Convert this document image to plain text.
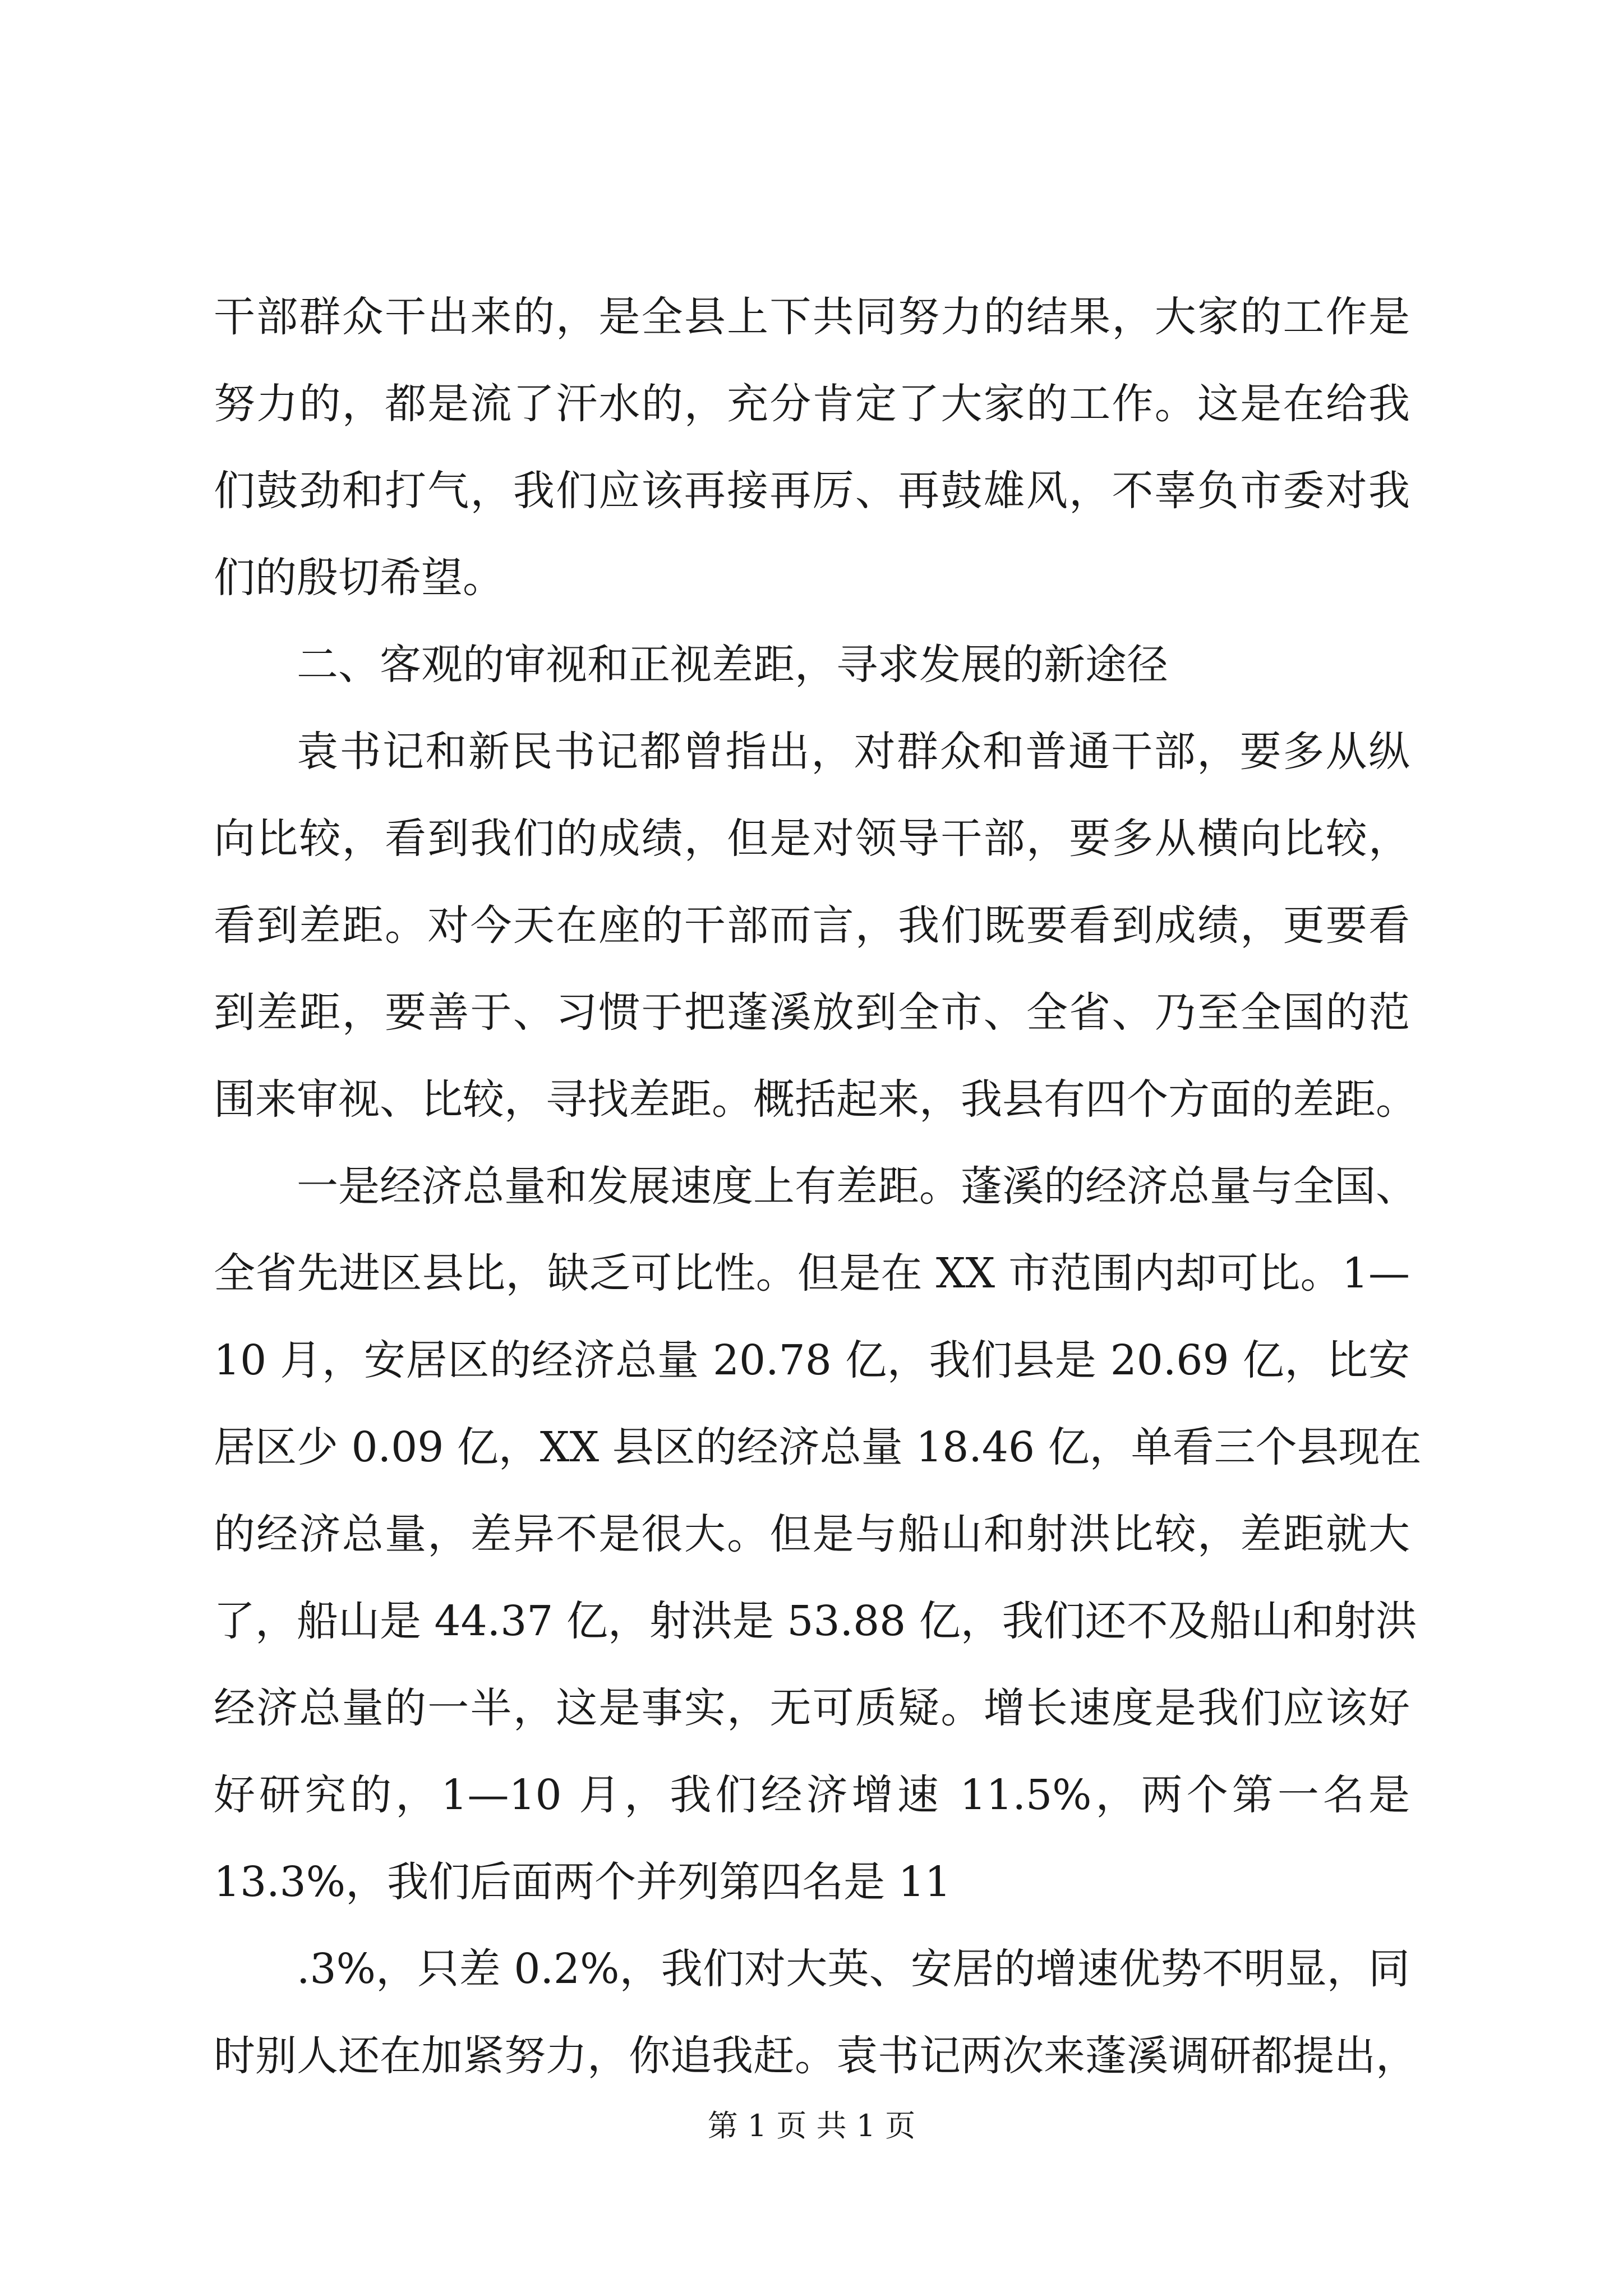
干部群众干出来的，是全县上下共同努力的结果，大家的工作是
努力的，都是流了汗水的，充分肯定了大家的工作。这是在给我
们鼓劲和打气，我们应该再接再厉、再鼓雄风，不辜负市委对我
们的殷切希望。
二、客观的审视和正视差距，寻求发展的新途径
袁书记和新民书记都曾指出，对群众和普通干部，要多从纵
向比较，看到我们的成绩，但是对领导干部，要多从横向比较，
看到差距。对今天在座的干部而言，我们既要看到成绩，更要看
到差距，要善于、习惯于把蓬溪放到全市、全省、乃至全国的范
围来审视、比较，寻找差距。概括起来，我县有四个方面的差距。
一是经济总量和发展速度上有差距。蓬溪的经济总量与全国、
全省先进区县比，缺乏可比性。但是在 XX 市范围内却可比。1—
10 月，安居区的经济总量 20.78 亿，我们县是 20.69 亿，比安
居区少 0.09 亿，XX 县区的经济总量 18.46 亿，单看三个县现在
的经济总量，差异不是很大。但是与船山和射洪比较，差距就大
了，船山是 44.37 亿，射洪是 53.88 亿，我们还不及船山和射洪
经济总量的一半，这是事实，无可质疑。增长速度是我们应该好
好研究的，1—10 月，我们经济增速 11.5%，两个第一名是
13.3%，我们后面两个并列第四名是 11
.3%，只差 0.2%，我们对大英、安居的增速优势不明显，同
时别人还在加紧努力，你追我赶。袁书记两次来蓬溪调研都提出，
第 1 页 共 1 页
